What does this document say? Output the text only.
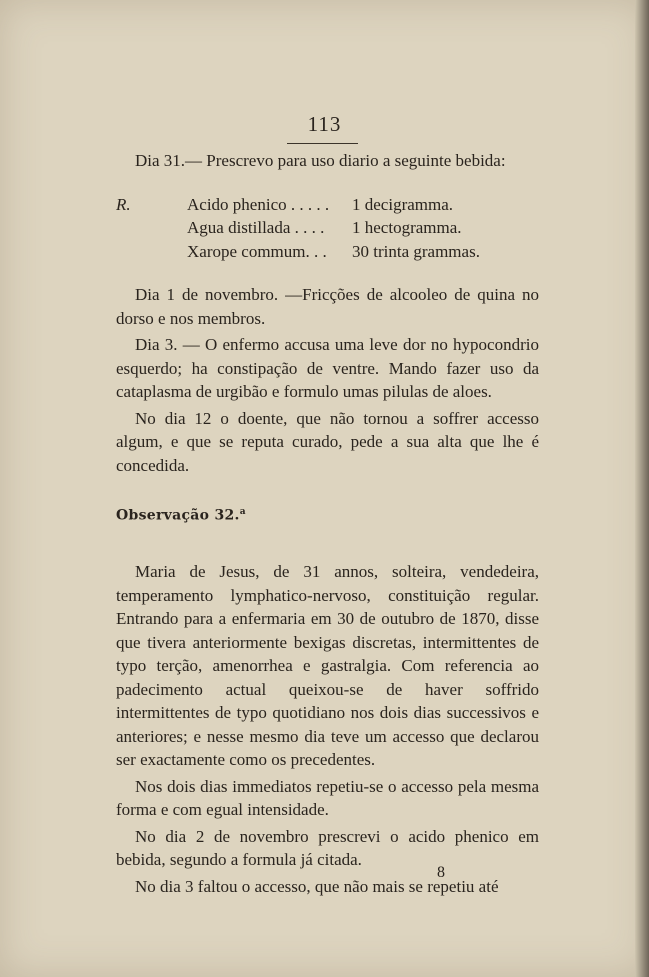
113

Dia 31.— Prescrevo para uso diario a seguinte bebida:

R.	Acido phenico . . . . .	1 decigramma.
Agua distillada . . . .	1 hectogramma.
Xarope commum. . .	30 trinta grammas.

Dia 1 de novembro. —Fricções de alcooleo de quina no dorso e nos membros.

Dia 3. — O enfermo accusa uma leve dor no hypocondrio esquerdo; ha constipação de ventre. Mando fazer uso da cataplasma de urgibão e formulo umas pilulas de aloes.

No dia 12 o doente, que não tornou a soffrer accesso algum, e que se reputa curado, pede a sua alta que lhe é concedida.

Observação 32.$^a$

Maria de Jesus, de 31 annos, solteira, vendedeira, temperamento lymphatico-nervoso, constituição regular. Entrando para a enfermaria em 30 de outubro de 1870, disse que tivera anteriormente bexigas discretas, intermittentes de typo terção, amenorrhea e gastralgia. Com referencia ao padecimento actual queixou-se de haver soffrido intermittentes de typo quotidiano nos dois dias successivos e anteriores; e nesse mesmo dia teve um accesso que declarou ser exactamente como os precedentes.

Nos dois dias immediatos repetiu-se o accesso pela mesma forma e com egual intensidade.

No dia 2 de novembro prescrevi o acido phenico em bebida, segundo a formula já citada.

No dia 3 faltou o accesso, que não mais se repetiu até

8
